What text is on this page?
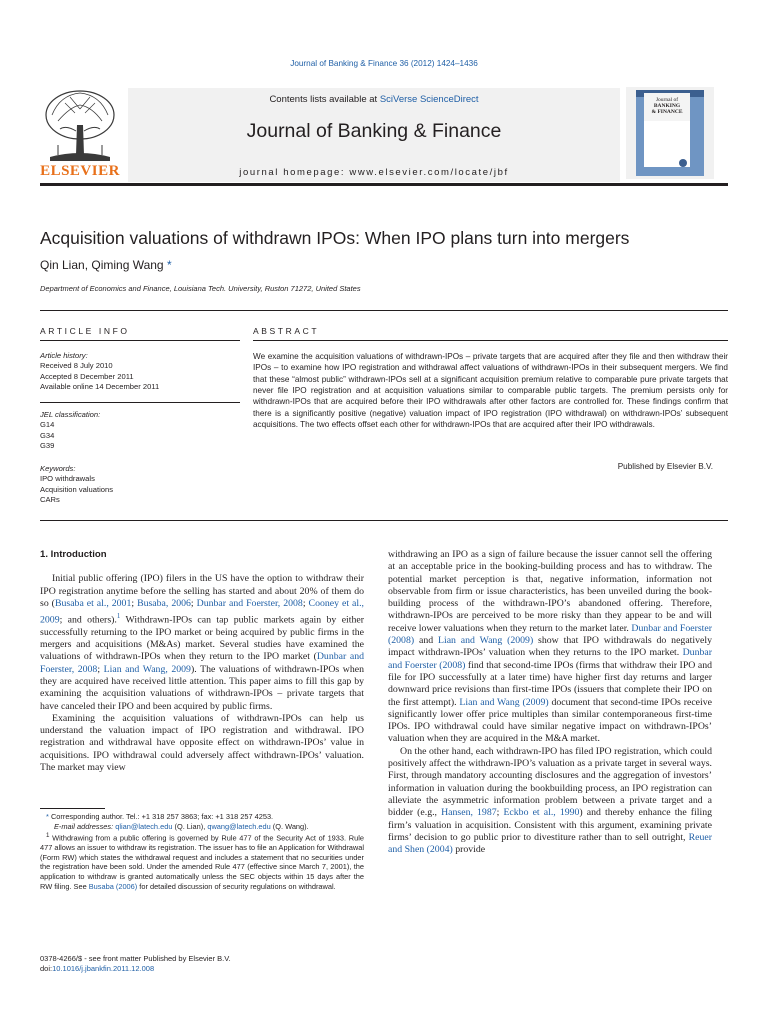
Journal of Banking & Finance 36 (2012) 1424–1436
ELSEVIER
Contents lists available at SciVerse ScienceDirect
Journal of Banking & Finance
journal homepage: www.elsevier.com/locate/jbf
Journal of
BANKING
& FINANCE
Acquisition valuations of withdrawn IPOs: When IPO plans turn into mergers
Qin Lian, Qiming Wang *
Department of Economics and Finance, Louisiana Tech. University, Ruston 71272, United States
ARTICLE INFO
Article history:
Received 8 July 2010
Accepted 8 December 2011
Available online 14 December 2011
JEL classification:
G14
G34
G39
Keywords:
IPO withdrawals
Acquisition valuations
CARs
ABSTRACT

We examine the acquisition valuations of withdrawn-IPOs – private targets that are acquired after they file and then withdraw their IPOs – to examine how IPO registration and withdrawal affect valuations of withdrawn-IPOs in their subsequent mergers. We find that these “almost public” withdrawn-IPOs sell at a significant acquisition premium relative to comparable pure private targets that never file IPO registration and at acquisition valuations similar to comparable public targets. The premium persists only for withdrawn-IPOs that are acquired before their IPO withdrawals after other factors are controlled for. These findings confirm that there is a significantly positive (negative) valuation impact of IPO registration (IPO withdrawal) on withdrawn-IPOs’ subsequent acquisitions. The two effects offset each other for withdrawn-IPOs that are acquired after their IPO withdrawals.

Published by Elsevier B.V.
1. Introduction

Initial public offering (IPO) filers in the US have the option to withdraw their IPO registration anytime before the selling has started and about 20% of them do so (Busaba et al., 2001; Busaba, 2006; Dunbar and Foerster, 2008; Cooney et al., 2009; and others).$^1$ Withdrawn-IPOs can tap public markets again by either successfully returning to the IPO market or being acquired by public firms in the mergers and acquisitions (M&As) market. Several studies have examined the valuations of withdrawn-IPOs when they return to the IPO market (Dunbar and Foerster, 2008; Lian and Wang, 2009). The valuations of withdrawn-IPOs when they are acquired have received little attention. This paper aims to fill this gap by examining the acquisition valuations of withdrawn-IPOs – private targets that have canceled their IPO and been acquired by public firms.

Examining the acquisition valuations of withdrawn-IPOs can help us understand the valuation impact of IPO registration and withdrawal. IPO registration and withdrawal have opposite effect on withdrawn-IPOs’ value in acquisitions. IPO withdrawal could adversely affect withdrawn-IPOs’ valuation. The market may view

* Corresponding author. Tel.: +1 318 257 3863; fax: +1 318 257 4253.

E-mail addresses: qlian@latech.edu (Q. Lian), qwang@latech.edu (Q. Wang).

$^1$ Withdrawing from a public offering is governed by Rule 477 of the Security Act of 1933. Rule 477 allows an issuer to withdraw its registration. The issuer has to file an Application for Withdrawal (Form RW) which states the withdrawal request and includes a statement that no securities under the registration have been sold. Under the amended Rule 477 (effective since March 7, 2001), the application to withdraw is granted automatically unless the SEC objects within 15 days after the RW filing. See Busaba (2006) for detailed discussion of security regulations on withdrawal.

0378-4266/$ - see front matter Published by Elsevier B.V.
doi:10.1016/j.jbankfin.2011.12.008

withdrawing an IPO as a sign of failure because the issuer cannot sell the offering at an acceptable price in the booking-building process and has to withdraw. The potential market perception is that, negative information, information not observable from firm or issue characteristics, has been unveiled during the book-building process of the withdrawn-IPO’s abandoned offering. Therefore, withdrawn-IPOs are perceived to be more risky than they appear to be and will receive lower valuations when they return to the market later. Dunbar and Foerster (2008) and Lian and Wang (2009) show that IPO withdrawals do negatively impact withdrawn-IPOs’ valuation when they returns to the IPO market. Dunbar and Foerster (2008) find that second-time IPOs (firms that withdraw their IPO and file for IPO successfully at a later time) have higher first day returns and larger downward price revisions than first-time IPOs (issuers that complete their IPO on the first attempt). Lian and Wang (2009) document that second-time IPOs receive significantly lower offer price multiples than similar contemporaneous first-time IPOs. IPO withdrawal could have similar negative impact on withdrawn-IPOs’ valuation when they are acquired in the M&A market.

On the other hand, each withdrawn-IPO has filed IPO registration, which could positively affect the withdrawn-IPO’s valuation as a private target in several ways. First, through mandatory accounting disclosures and the aggregation of investors’ information in valuation during the bookbuilding process, an IPO registration can alleviate the asymmetric information problem between a private target and a bidder (e.g., Hansen, 1987; Eckbo et al., 1990) and thereby enhance the filing firm’s valuation in acquisition. Consistent with this argument, examining private firms’ decision to go public prior to divestiture rather than to sell outright, Reuer and Shen (2004) provide
